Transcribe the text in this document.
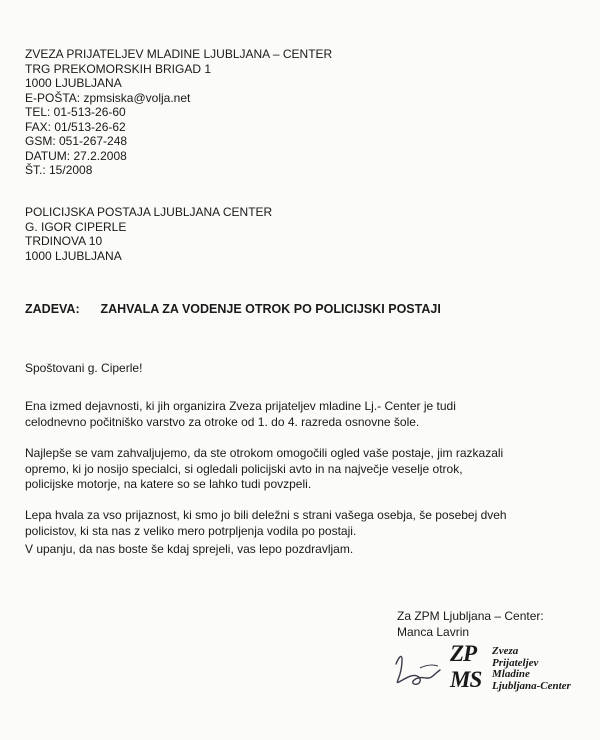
ZVEZA PRIJATELJEV MLADINE LJUBLJANA – CENTER
TRG PREKOMORSKIH BRIGAD 1
1000 LJUBLJANA
E-POŠTA: zpmsiska@volja.net
TEL: 01-513-26-60
FAX: 01/513-26-62
GSM: 051-267-248
DATUM: 27.2.2008
ŠT.: 15/2008
POLICIJSKA POSTAJA LJUBLJANA CENTER
G. IGOR CIPERLE
TRDINOVA 10
1000 LJUBLJANA
ZADEVA: ZAHVALA ZA VODENJE OTROK PO POLICIJSKI POSTAJI
Spoštovani g. Ciperle!
Ena izmed dejavnosti, ki jih organizira Zveza prijateljev mladine Lj.- Center je tudi
celodnevno počitniško varstvo za otroke od 1. do 4. razreda osnovne šole.
Najlepše se vam zahvaljujemo, da ste otrokom omogočili ogled vaše postaje, jim razkazali
opremo, ki jo nosijo specialci, si ogledali policijski avto in na največje veselje otrok,
policijske motorje, na katere so se lahko tudi povzpeli.
Lepa hvala za vso prijaznost, ki smo jo bili deležni s strani vašega osebja, še posebej dveh
policistov, ki sta nas z veliko mero potrpljenja vodila po postaji.
V upanju, da nas boste še kdaj sprejeli, vas lepo pozdravljam.
Za ZPM Ljubljana – Center:
Manca Lavrin
ZP
MS
Zveza
Prijateljev
Mladine
Ljubljana-Center
